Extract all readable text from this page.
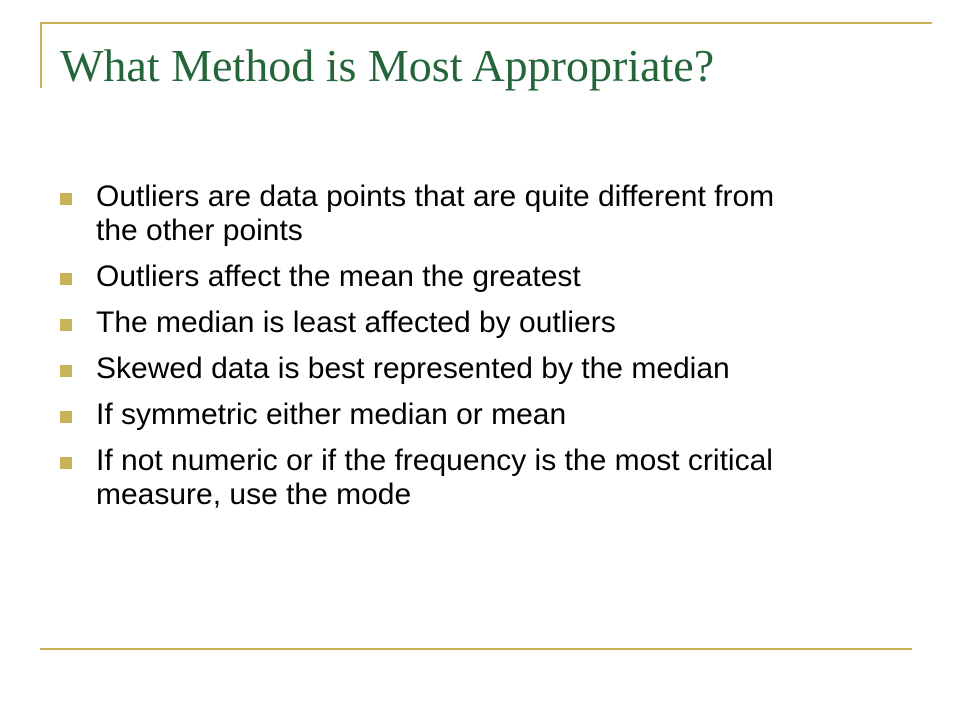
What Method is Most Appropriate?
Outliers are data points that are quite different from the other points
Outliers affect the mean the greatest
The median is least affected by outliers
Skewed data is best represented by the median
If symmetric either median or mean
If not numeric or if the frequency is the most critical measure, use the mode
